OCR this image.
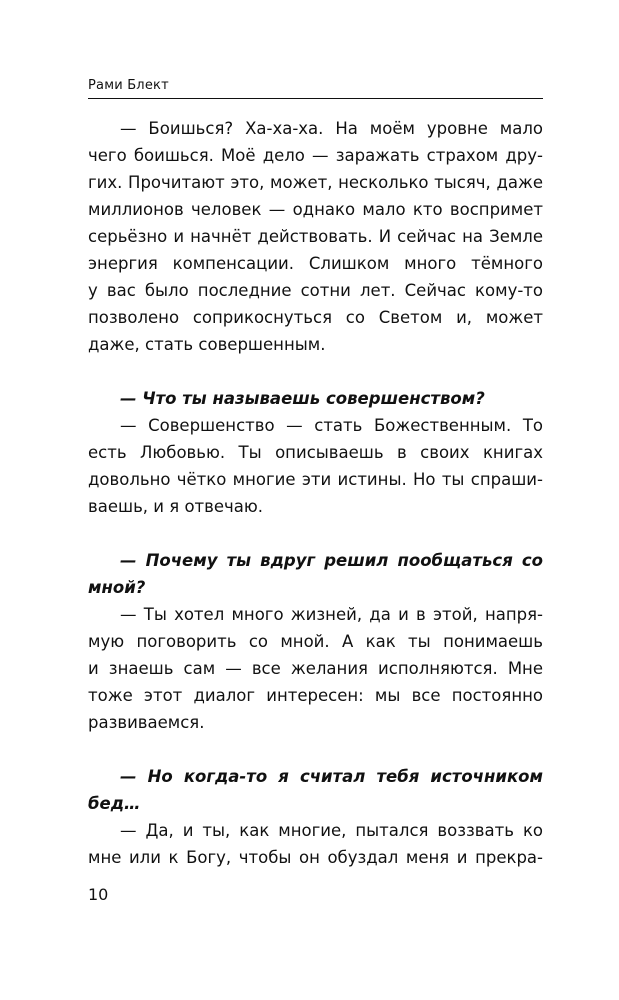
Рами Блект

— Боишься? Ха-ха-ха. На моём уровне мало

чего боишься. Моё дело — заражать страхом дру-

гих. Прочитают это, может, несколько тысяч, даже

миллионов человек — однако мало кто воспримет

серьёзно и начнёт действовать. И сейчас на Земле

энергия компенсации. Слишком много тёмного

у вас было последние сотни лет. Сейчас кому-то

позволено соприкоснуться со Светом и, может

даже, стать совершенным.

— Что ты называешь совершенством?

— Совершенство — стать Божественным. То

есть Любовью. Ты описываешь в своих книгах

довольно чётко многие эти истины. Но ты спраши-

ваешь, и я отвечаю.

— Почему ты вдруг решил пообщаться со

мной?

— Ты хотел много жизней, да и в этой, напря-

мую поговорить со мной. А как ты понимаешь

и знаешь сам — все желания исполняются. Мне

тоже этот диалог интересен: мы все постоянно

развиваемся.

— Но когда-то я считал тебя источником

бед…

— Да, и ты, как многие, пытался воззвать ко

мне или к Богу, чтобы он обуздал меня и прекра-

10
